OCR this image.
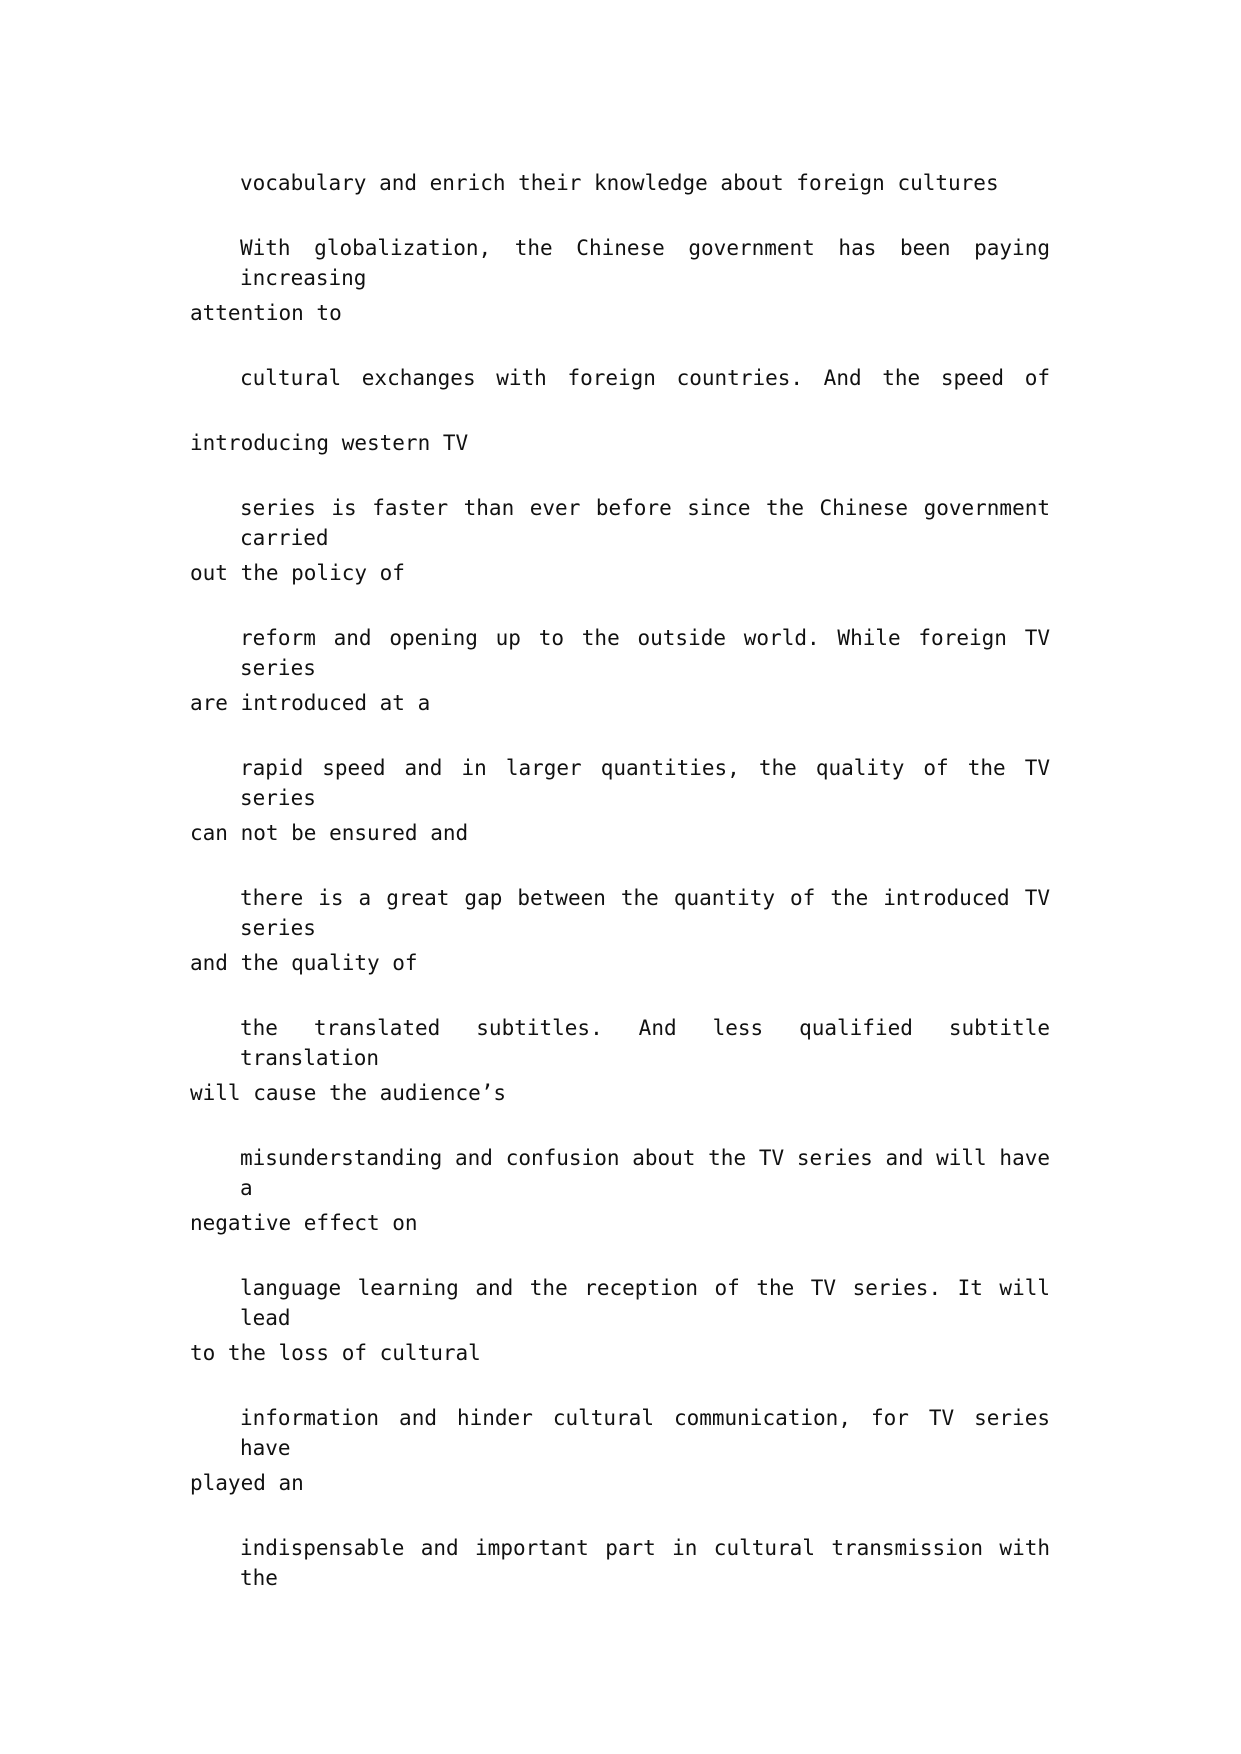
vocabulary and enrich their knowledge about foreign cultures
With globalization, the Chinese government has been paying increasing
attention to
cultural exchanges with foreign countries. And the speed of
introducing western TV
series is faster than ever before since the Chinese government carried
out the policy of
reform and opening up to the outside world. While foreign TV series
are introduced at a
rapid speed and in larger quantities, the quality of the TV series
can not be ensured and
there is a great gap between the quantity of the introduced TV series
and the quality of
the translated subtitles. And less qualified subtitle translation
will cause the audience’s
misunderstanding and confusion about the TV series and will have a
negative effect on
language learning and the reception of the TV series. It will lead
to the loss of cultural
information and hinder cultural communication, for TV series have
played an
indispensable and important part in cultural transmission with the
